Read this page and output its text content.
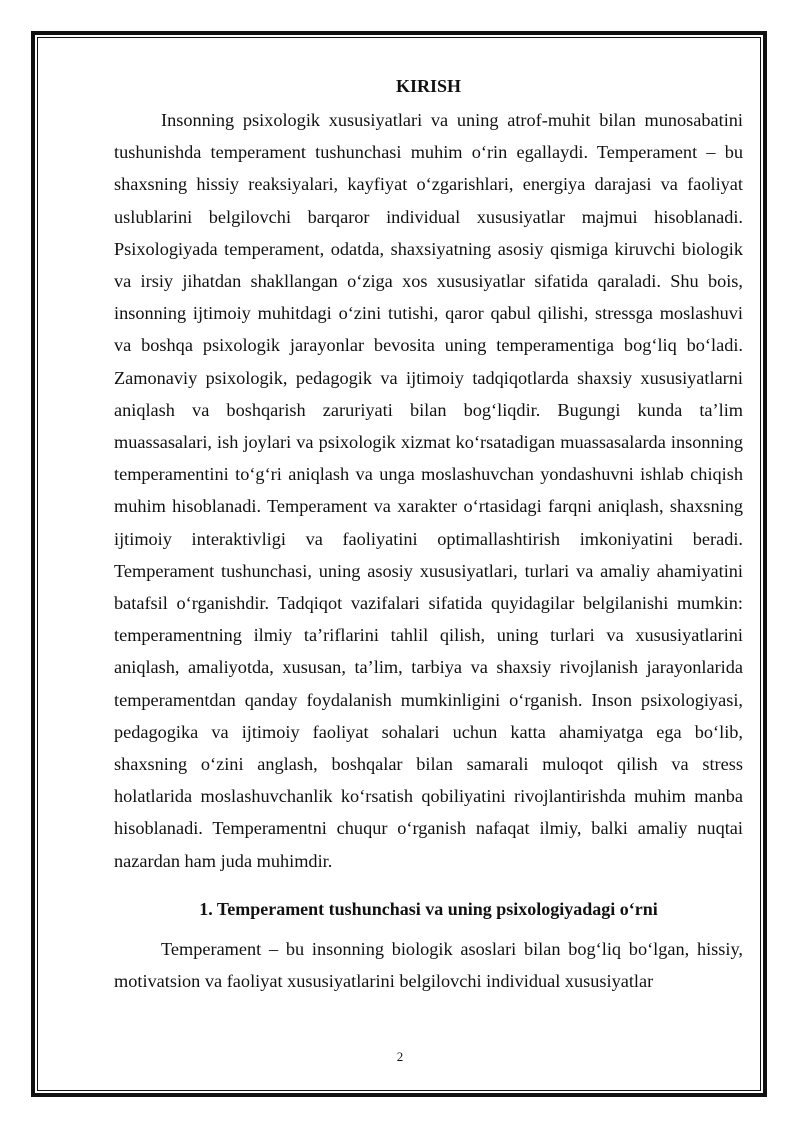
KIRISH

Insonning psixologik xususiyatlari va uning atrof-muhit bilan munosabatini tushunishda temperament tushunchasi muhim o‘rin egallaydi. Temperament – bu shaxsning hissiy reaksiyalari, kayfiyat o‘zgarishlari, energiya darajasi va faoliyat uslublarini belgilovchi barqaror individual xususiyatlar majmui hisoblanadi. Psixologiyada temperament, odatda, shaxsiyatning asosiy qismiga kiruvchi biologik va irsiy jihatdan shakllangan o‘ziga xos xususiyatlar sifatida qaraladi. Shu bois, insonning ijtimoiy muhitdagi o‘zini tutishi, qaror qabul qilishi, stressga moslashuvi va boshqa psixologik jarayonlar bevosita uning temperamentiga bog‘liq bo‘ladi. Zamonaviy psixologik, pedagogik va ijtimoiy tadqiqotlarda shaxsiy xususiyatlarni aniqlash va boshqarish zaruriyati bilan bog‘liqdir. Bugungi kunda ta’lim muassasalari, ish joylari va psixologik xizmat ko‘rsatadigan muassasalarda insonning temperamentini to‘g‘ri aniqlash va unga moslashuvchan yondashuvni ishlab chiqish muhim hisoblanadi. Temperament va xarakter o‘rtasidagi farqni aniqlash, shaxsning ijtimoiy interaktivligi va faoliyatini optimallashtirish imkoniyatini beradi. Temperament tushunchasi, uning asosiy xususiyatlari, turlari va amaliy ahamiyatini batafsil o‘rganishdir. Tadqiqot vazifalari sifatida quyidagilar belgilanishi mumkin: temperamentning ilmiy ta’riflarini tahlil qilish, uning turlari va xususiyatlarini aniqlash, amaliyotda, xususan, ta’lim, tarbiya va shaxsiy rivojlanish jarayonlarida temperamentdan qanday foydalanish mumkinligini o‘rganish. Inson psixologiyasi, pedagogika va ijtimoiy faoliyat sohalari uchun katta ahamiyatga ega bo‘lib, shaxsning o‘zini anglash, boshqalar bilan samarali muloqot qilish va stress holatlarida moslashuvchanlik ko‘rsatish qobiliyatini rivojlantirishda muhim manba hisoblanadi. Temperamentni chuqur o‘rganish nafaqat ilmiy, balki amaliy nuqtai nazardan ham juda muhimdir.

1. Temperament tushunchasi va uning psixologiyadagi o‘rni

Temperament – bu insonning biologik asoslari bilan bog‘liq bo‘lgan, hissiy, motivatsion va faoliyat xususiyatlarini belgilovchi individual xususiyatlar

2
